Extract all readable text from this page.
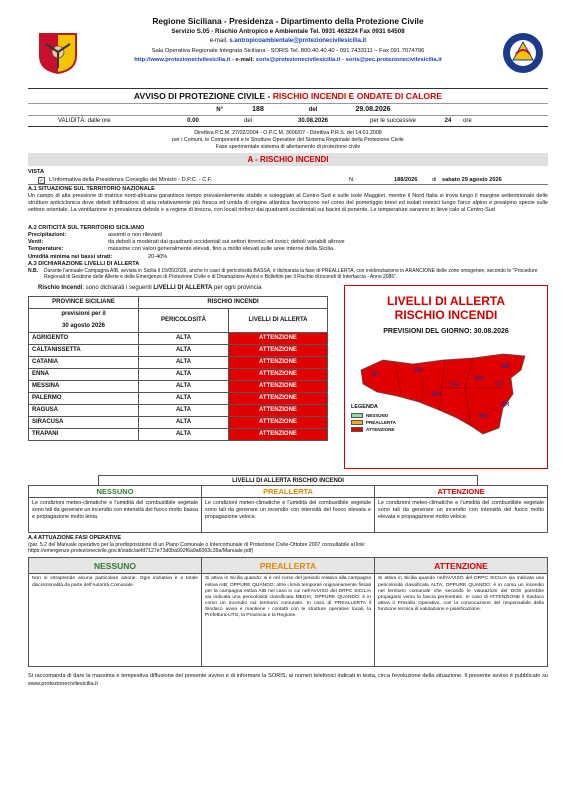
Regione Siciliana - Presidenza - Dipartimento della Protezione Civile
Servizio S.05 - Rischio Antropico e Ambientale Tel. 0931 463224 Fax 0931 64508
e-mail, s.antropicoambientale@protezionecivilesicilia.it
Sala Operativa Regionale Integrata Siciliana - SORIS Tel. 800.40.40.40 - 091.7433111 – Fax 091.7074796
http://www.protezionecivilesicilia.it - e-mail: soris@protezionecivilesicilia.it - soris@pec.protezionecivilesicilia.it
AVVISO DI PROTEZIONE CIVILE - RISCHIO INCENDI E ONDATE DI CALORE
N°	188	del	29.08.2026
VALIDITÀ: dalle ore	0.00	del	30.08.2026	per le successive	24	ore
Direttiva P.C.M. 27/02/2004 - O.P.C.M. 3606/07 - Direttiva P.R.S. del 14.01.2008
per i Comuni, le Componenti e le Strutture Operative del Sistema Regionale della Protezione Civile
Fase sperimentale sistema di allertamento di protezione civile
A - RISCHIO INCENDI
VISTA
✓ L'Informativa della Presidenza Consiglio dei Ministri - D.P.C. - C.F.	N.	188/2026	di	sabato 29 agosto 2026
A.1 SITUAZIONE SUL TERRITORIO NAZIONALE
Un campo di alta pressione di matrice nord-africana garantisce tempo prevalentemente stabile e soleggiato al Centro-Sud e sulle isole Maggiori, mentre il Nord Italia si trova lungo il margine settentrionale delle strutture anticiclonica dove deboli infiltrazioni di aria relativamente più fresca ed umida di origine atlantica favoriscono nel corso del pomeriggio brevi ed isolati rovesci lungo l'arco alpino e prealpino specie sulle settore orientale. La ventilazione in prevalenza debole e a regime di brezza, con locali rinforzi dai quadranti occidentali sui bacini di ponente. Le temperature saranno in lieve calo al Centro-Sud
A.2 CRITICITÀ SUL TERRITORIO SICILIANO
Precipitazioni:	assenti o non rilevanti
Venti:	da deboli a moderati dai quadranti occidentali sui settori tirrenici ed ionici; deboli variabili altrove
Temperature:	massime con valori generalmente elevati, fino a molto elevati sulle aree interne della Sicilia.
Umidità minima nei bassi strati:	20-40%
A.3 DICHIARAZIONE LIVELLI DI ALLERTA
N.B.	Durante l'annuale Campagna AIB, avviata in Sicilia il 15/05/2026, anche in caso di pericolosità BASSA, è dichiarata la fase di PREALLERTA, con evidenziazione in ARANCIONE delle zone omogenee, secondo le "Procedure Regionali di Gestione delle Allerte e delle Emergenze di Protezione Civile e di Diramazione Avvisi e Bollettini per il Rischio di incendi di Interfaccia - Anno 2086".
Rischio Incendi: sono dichiarati i seguenti LIVELLI DI ALLERTA per ogni provincia
PROVINCE SICILIANE	RISCHIO INCENDI	
previsioni per il	PERICOLOSITÀ	LIVELLI DI ALLERTA
30 agosto 2026		
AGRIGENTO	ALTA	ATTENZIONE
CALTANISSETTA	ALTA	ATTENZIONE
CATANIA	ALTA	ATTENZIONE
ENNA	ALTA	ATTENZIONE
MESSINA	ALTA	ATTENZIONE
PALERMO	ALTA	ATTENZIONE
RAGUSA	ALTA	ATTENZIONE
SIRACUSA	ALTA	ATTENZIONE
TRAPANI	ALTA	ATTENZIONE
LIVELLI DI ALLERTA
RISCHIO INCENDI
PREVISIONI DEL GIORNO: 30.08.2026
TP
PA
ME
AG
CL
EN
CT
RG
SR
LEGENDA
NESSUNO
PREALLERTA
ATTENZIONE
LIVELLI DI ALLERTA RISCHIO INCENDI
NESSUNO
Le condizioni meteo-climatiche e l'umidità del combustibile vegetale sono tali da generare un incendio con intensità del fuoco molto bassa e propagazione molto lenta.
PREALLERTA
Le condizioni meteo-climatiche e l'umidità del combustibile vegetale sono tali da generare un incendio con intensità del fuoco elevata e propagazione veloce.
ATTENZIONE
Le condizioni meteo-climatiche e l'umidità del combustibile vegetale sono tali da generare un incendio con intensità del fuoco molto elevata e propagazione molto veloce.
A.4 ATTUAZIONE FASI OPERATIVE
(par. 5.2 del Manuale operativo per la predisposizione di un Piano Comunale o Intercomunale di Protezione Civile-Ottobre 2007 consultabile al link:
https://emergenze.protezionecivile.gov.it/static/aefd7127e73d0ba992f6a9a6063c39a/Manuale.pdf)
NESSUNO
Non si intraprende alcuna particolare azione. Ogni iniziativa è a totale discrezionalità da parte dell'Autorità Comunale.
PREALLERTA
Si attiva in Sicilia quando: si è nel corso del periodo relativo alla campagna estiva AIB; OPPURE QUANDO: oltre i limiti temporali originariamente fissati per la campagna estiva AIB nel caso in cui nell'AVVISO del DRPC SICILIA sia indicata una pericolosità classificata MEDIA; OPPURE QUANDO: è in corso un incendio sul territorio comunale. In caso di PREALLERTA il Sindaco avvia e mantiene i contatti con le strutture operative locali, la Prefettura-UTG, la Provincia e la Regione.
ATTENZIONE
Si attiva in Sicilia quando nell'AVVISO del DRPC SICILIA sia indicata una pericolosità classificata ALTA; OPPURE QUANDO: è in corso un incendio nel territorio comunale che secondo le valutazioni del DOS potrebbe propagarsi verso la fascia perimetrale. In caso di ATTENZIONE il Sindaco attiva il Presidio Operativo, con la convocazione del responsabile della funzione tecnica di valutazione e pianificazione.
Si raccomanda di dare la massima e tempestiva diffusione del presente avviso e di informare la SORIS, ai numeri telefonici indicati in testa, circa l'evoluzione della situazione. Il presente avviso è pubblicato su www.protezionecivilesicilia.it
